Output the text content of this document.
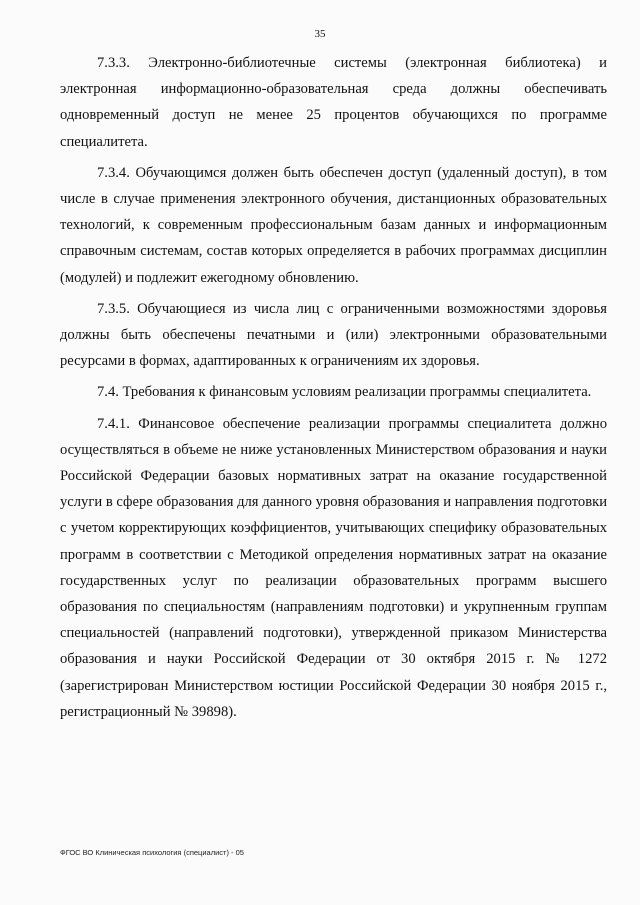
35

7.3.3. Электронно-библиотечные системы (электронная библиотека) и электронная информационно-образовательная среда должны обеспечивать одновременный доступ не менее 25 процентов обучающихся по программе специалитета.

7.3.4. Обучающимся должен быть обеспечен доступ (удаленный доступ), в том числе в случае применения электронного обучения, дистанционных образовательных технологий, к современным профессиональным базам данных и информационным справочным системам, состав которых определяется в рабочих программах дисциплин (модулей) и подлежит ежегодному обновлению.

7.3.5. Обучающиеся из числа лиц с ограниченными возможностями здоровья должны быть обеспечены печатными и (или) электронными образовательными ресурсами в формах, адаптированных к ограничениям их здоровья.

7.4. Требования к финансовым условиям реализации программы специалитета.

7.4.1. Финансовое обеспечение реализации программы специалитета должно осуществляться в объеме не ниже установленных Министерством образования и науки Российской Федерации базовых нормативных затрат на оказание государственной услуги в сфере образования для данного уровня образования и направления подготовки с учетом корректирующих коэффициентов, учитывающих специфику образовательных программ в соответствии с Методикой определения нормативных затрат на оказание государственных услуг по реализации образовательных программ высшего образования по специальностям (направлениям подготовки) и укрупненным группам специальностей (направлений подготовки), утвержденной приказом Министерства образования и науки Российской Федерации от 30 октября 2015 г. № 1272 (зарегистрирован Министерством юстиции Российской Федерации 30 ноября 2015 г., регистрационный № 39898).

ФГОС ВО Клиническая психология (специалист) - 05
